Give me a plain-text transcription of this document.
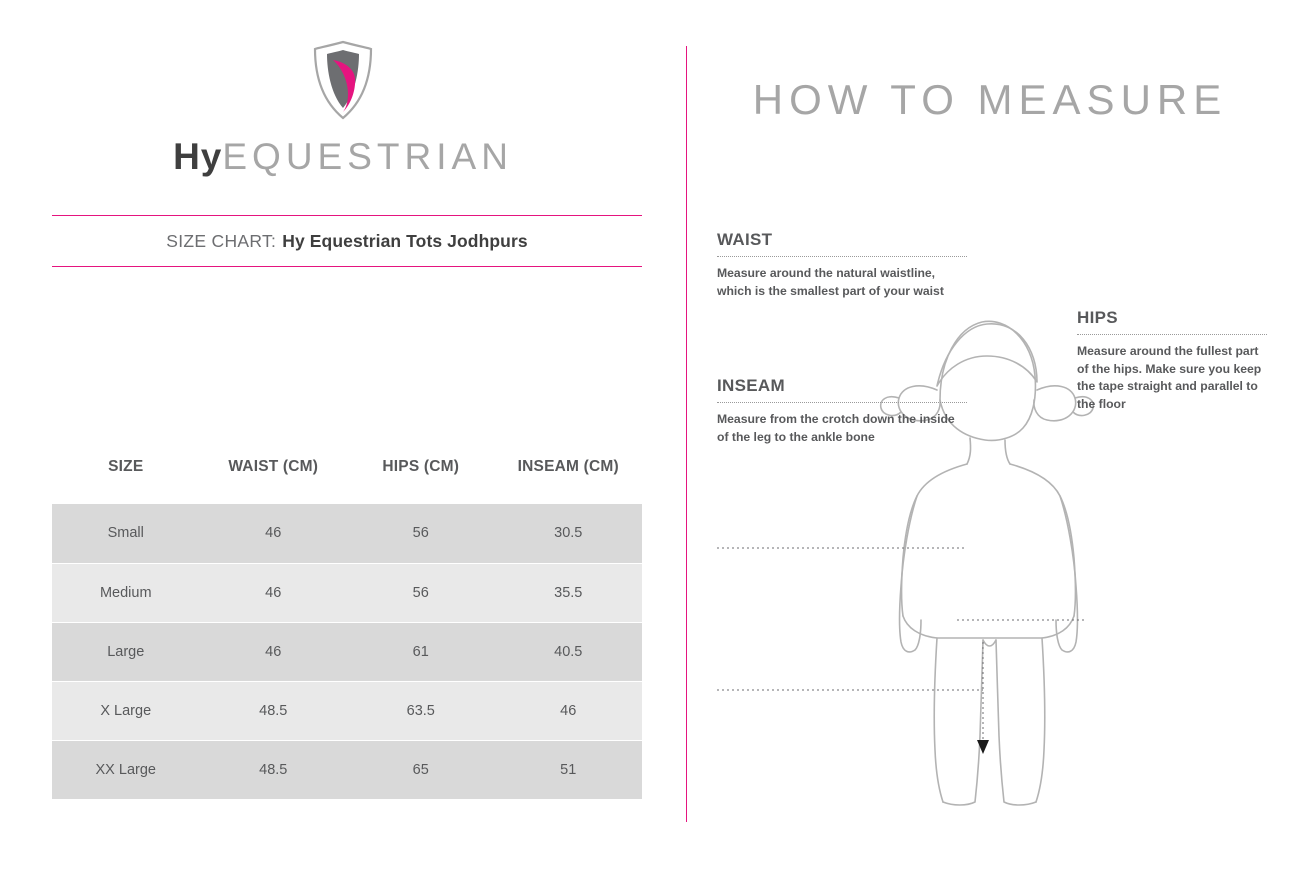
HyEQUESTRIAN
SIZE CHART: Hy Equestrian Tots Jodhpurs
SIZE	WAIST (CM)	HIPS (CM)	INSEAM (CM)
Small	46	56	30.5
Medium	46	56	35.5
Large	46	61	40.5
X Large	48.5	63.5	46
XX Large	48.5	65	51
HOW TO MEASURE
WAIST
Measure around the natural waistline, which is the smallest part of your waist
INSEAM
Measure from the crotch down the inside of the leg to the ankle bone
HIPS
Measure around the fullest part of the hips. Make sure you keep the tape straight and parallel to the floor
